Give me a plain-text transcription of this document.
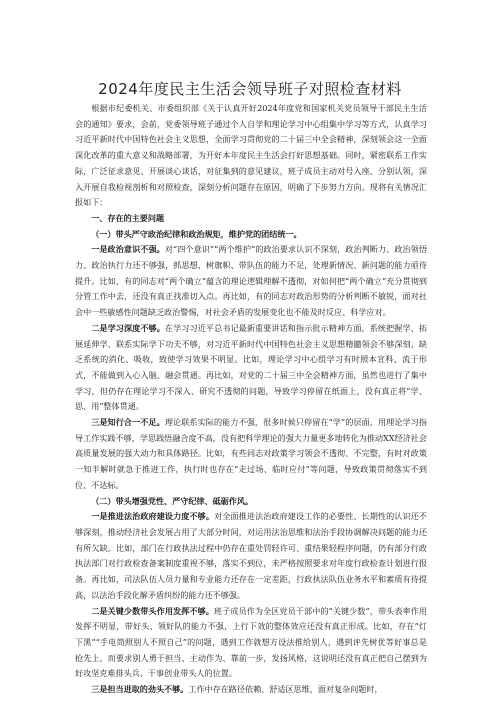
2024年度民主生活会领导班子对照检查材料

根据市纪委机关、市委组织部《关于认真开好2024年度党和国家机关党员领导干部民主生活会的通知》要求，会前，党委领导班子通过个人自学和理论学习中心组集中学习等方式，认真学习习近平新时代中国特色社会主义思想，全面学习贯彻党的二十届三中全会精神，深刻领会这一全面深化改革的重大意义和战略部署，为开好本年度民主生活会打好思想基础。同时，紧密联系工作实际，广泛征求意见、开展谈心谈话，对征集到的意见建议，班子成员主动对号入座、分别认领，深入开展自我检视剖析和对照检查，深刻分析问题存在原因，明确了下步努力方向。现将有关情况汇报如下：

一、存在的主要问题

（一）带头严守政治纪律和政治规矩，维护党的团结统一。

一是政治意识不强。对“四个意识”“两个维护”的政治要求认识不深刻，政治判断力、政治领悟力、政治执行力还不够强，抓思想、树旗帜、带队伍的能力不足，处理新情况、新问题的能力亟待提升。比如，有的同志对“两个确立”蕴含的理论逻辑理解不透彻，对如何把“两个确立”充分贯彻到分管工作中去，还没有真正找准切入点。再比如，有的同志对政治形势的分析判断不敏锐，面对社会中一些敏感性问题缺乏政治警惕，对社会矛盾的发展变化也不能及时反应、科学应对。

二是学习深度不够。在学习习近平总书记最新重要讲话和指示批示精神方面，系统把握学、拓展延伸学、联系实际学下功夫不够，对习近平新时代中国特色社会主义思想精髓领会不够深刻，缺乏系统的消化、吸收，致使学习效果不明显。比如，理论学习中心组学习有时照本宣科、流于形式，不能做到入心入脑、融会贯通。再比如，对党的二十届三中全会精神方面，虽然也进行了集中学习，但仍存在理论学习不深入、研究不透彻的问题，导致学习停留在纸面上，没有真正将“学、思、用”整体贯通。

三是知行合一不足。理论联系实际的能力不强，很多时候只停留在“学”的层面，用理论学习指导工作实践不够，学思践悟融合度不高，没有把科学理论的强大力量更多地转化为推动XX经济社会高质量发展的强大动力和具体路径。比如，有些同志对政策学习领会不透彻、不完整，有时对政策一知半解时就急于推进工作，执行时也存在“走过场、临时应付”等问题，导致政策贯彻落实不到位、不达标。

（二）带头增强党性、严守纪律、砥砺作风。

一是推进法治政府建设力度不够。对全面推进法治政府建设工作的必要性、长期性的认识还不够深刻，推动经济社会发展占用了大部分时间，对运用法治思维和法治手段协调解决问题的能力还有所欠缺。比如，部门在行政执法过程中仍存在重处罚轻许可、重结果轻程序问题，仍有部分行政执法部门对行政检查备案制度重视不够，落实不到位，未严格按照要求对年度行政检查计划进行报备。再比如，司法队伍人员力量和专业能力还存在一定差距，行政执法队伍业务水平和素质有待提高，以法治手段化解矛盾纠纷的能力还不够强。

二是关键少数带头作用发挥不够。班子成员作为全区党员干部中的“关键少数”，带头表率作用发挥不明显，带好头、领好队的能力不强，上行下效的整体效应还没有真正形成。比如，存在“灯下黑”“手电筒照别人不照自己”的问题，遇到工作就想方设法推给别人，遇到评先树优等好事总是抢先上，而要求别人勇于担当、主动作为、靠前一步，发扬风格，这说明还没有真正把自己摆到为好攻坚克难排头兵、干事创业带头人的位置。

三是担当进取的劲头不够。工作中存在路径依赖、舒适区思维，面对复杂问题时，
